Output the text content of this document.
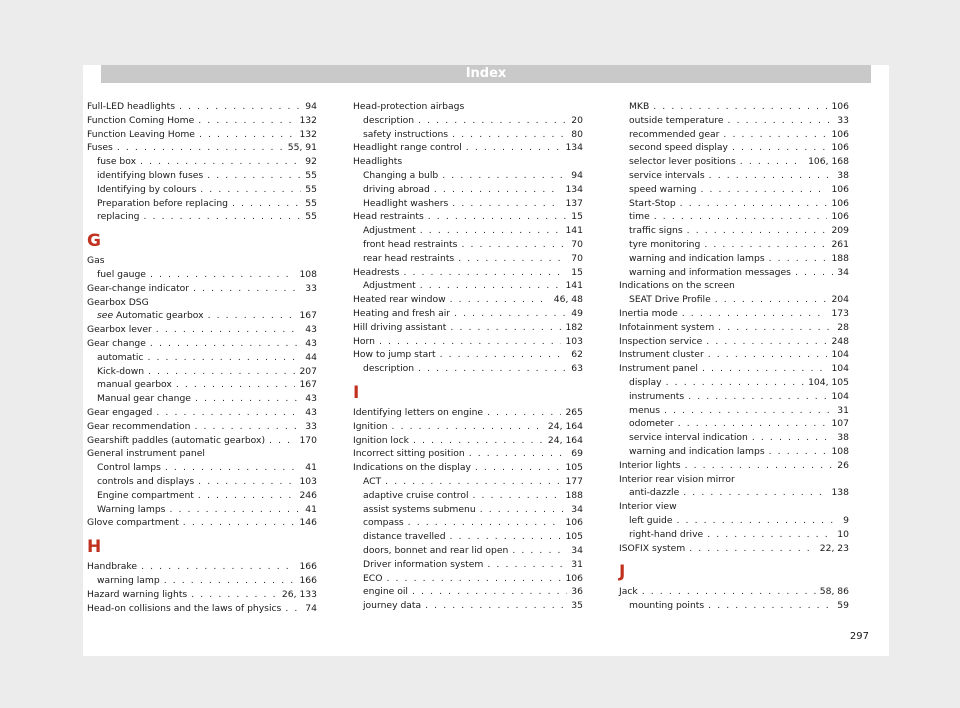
Index
Full-LED headlights . . .	94
Function Coming Home . . .	132
Function Leaving Home . . .	132
Fuses . . .	55, 91
fuse box . . .	92
identifying blown fuses . . .	55
Identifying by colours . . .	55
Preparation before replacing . . .	55
replacing . . .	55
G
Gas
fuel gauge . . .	108
Gear-change indicator . . .	33
Gearbox DSG
see Automatic gearbox . . .	167
Gearbox lever . . .	43
Gear change . . .	43
automatic . . .	44
Kick-down . . .	207
manual gearbox . . .	167
Manual gear change . . .	43
Gear engaged . . .	43
Gear recommendation . . .	33
Gearshift paddles (automatic gearbox) . . .	170
General instrument panel
Control lamps . . .	41
controls and displays . . .	103
Engine compartment . . .	246
Warning lamps . . .	41
Glove compartment . . .	146
H
Handbrake . . .	166
warning lamp . . .	166
Hazard warning lights . . .	26, 133
Head-on collisions and the laws of physics . . .	74
Head-protection airbags
description . . .	20
safety instructions . . .	80
Headlight range control . . .	134
Headlights
Changing a bulb . . .	94
driving abroad . . .	134
Headlight washers . . .	137
Head restraints . . .	15
Adjustment . . .	141
front head restraints . . .	70
rear head restraints . . .	70
Headrests . . .	15
Adjustment . . .	141
Heated rear window . . .	46, 48
Heating and fresh air . . .	49
Hill driving assistant . . .	182
Horn . . .	103
How to jump start . . .	62
description . . .	63
I
Identifying letters on engine . . .	265
Ignition . . .	24, 164
Ignition lock . . .	24, 164
Incorrect sitting position . . .	69
Indications on the display . . .	105
ACT . . .	177
adaptive cruise control . . .	188
assist systems submenu . . .	34
compass . . .	106
distance travelled . . .	105
doors, bonnet and rear lid open . . .	34
Driver information system . . .	31
ECO . . .	106
engine oil . . .	36
journey data . . .	35
MKB . . .	106
outside temperature . . .	33
recommended gear . . .	106
second speed display . . .	106
selector lever positions . . .	106, 168
service intervals . . .	38
speed warning . . .	106
Start-Stop . . .	106
time . . .	106
traffic signs . . .	209
tyre monitoring . . .	261
warning and indication lamps . . .	188
warning and information messages . . .	34
Indications on the screen
SEAT Drive Profile . . .	204
Inertia mode . . .	173
Infotainment system . . .	28
Inspection service . . .	248
Instrument cluster . . .	104
Instrument panel . . .	104
display . . .	104, 105
instruments . . .	104
menus . . .	31
odometer . . .	107
service interval indication . . .	38
warning and indication lamps . . .	108
Interior lights . . .	26
Interior rear vision mirror
anti-dazzle . . .	138
Interior view
left guide . . .	9
right-hand drive . . .	10
ISOFIX system . . .	22, 23
J
Jack . . .	58, 86
mounting points . . .	59
297
